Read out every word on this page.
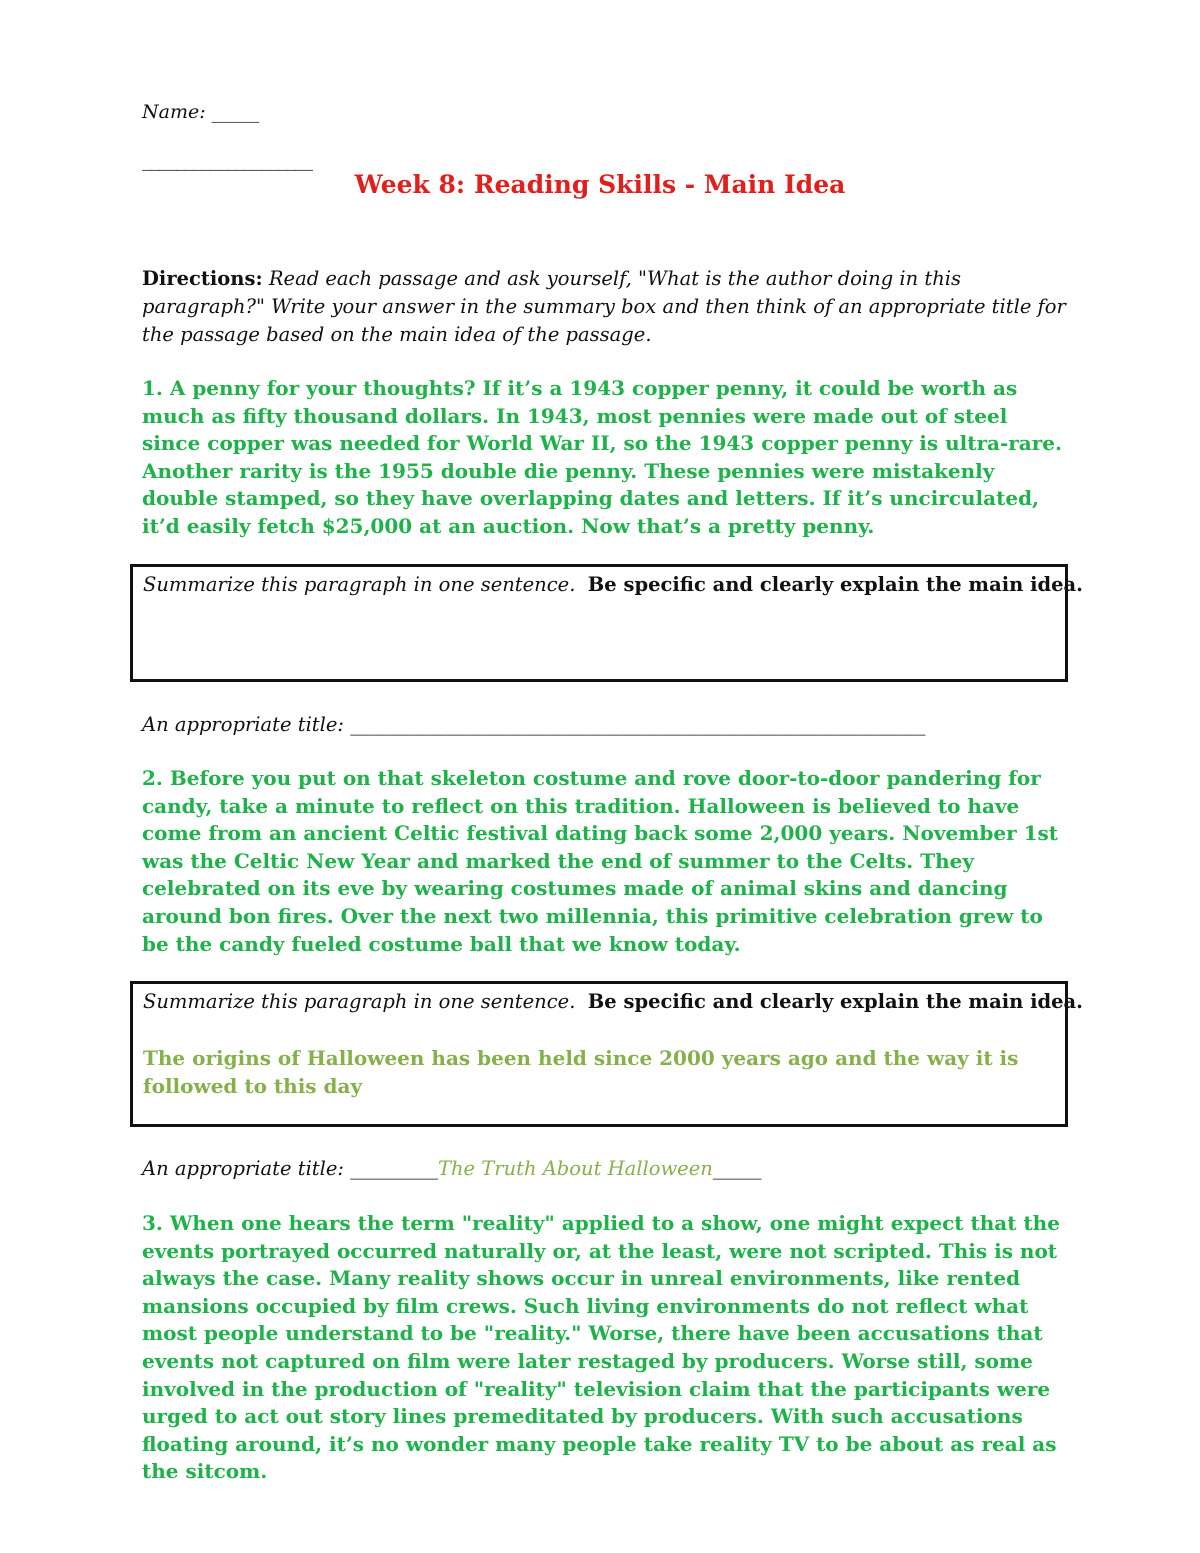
Name: _____
____________________
Week 8: Reading Skills - Main Idea
Directions: Read each passage and ask yourself, "What is the author doing in this paragraph?" Write your answer in the summary box and then think of an appropriate title for the passage based on the main idea of the passage.
1. A penny for your thoughts? If it’s a 1943 copper penny, it could be worth as much as fifty thousand dollars. In 1943, most pennies were made out of steel since copper was needed for World War II, so the 1943 copper penny is ultra-rare. Another rarity is the 1955 double die penny. These pennies were mistakenly double stamped, so they have overlapping dates and letters. If it’s uncirculated, it’d easily fetch $25,000 at an auction. Now that’s a pretty penny.
Summarize this paragraph in one sentence. Be specific and clearly explain the main idea.
An appropriate title: ___________________________________________________________
2. Before you put on that skeleton costume and rove door-to-door pandering for candy, take a minute to reflect on this tradition. Halloween is believed to have come from an ancient Celtic festival dating back some 2,000 years. November 1st was the Celtic New Year and marked the end of summer to the Celts. They celebrated on its eve by wearing costumes made of animal skins and dancing around bon fires. Over the next two millennia, this primitive celebration grew to be the candy fueled costume ball that we know today.
Summarize this paragraph in one sentence. Be specific and clearly explain the main idea.
The origins of Halloween has been held since 2000 years ago and the way it is followed to this day
An appropriate title: _________The Truth About Halloween_____
3. When one hears the term "reality" applied to a show, one might expect that the events portrayed occurred naturally or, at the least, were not scripted. This is not always the case. Many reality shows occur in unreal environments, like rented mansions occupied by film crews. Such living environments do not reflect what most people understand to be "reality." Worse, there have been accusations that events not captured on film were later restaged by producers. Worse still, some involved in the production of "reality" television claim that the participants were urged to act out story lines premeditated by producers. With such accusations floating around, it’s no wonder many people take reality TV to be about as real as the sitcom.
